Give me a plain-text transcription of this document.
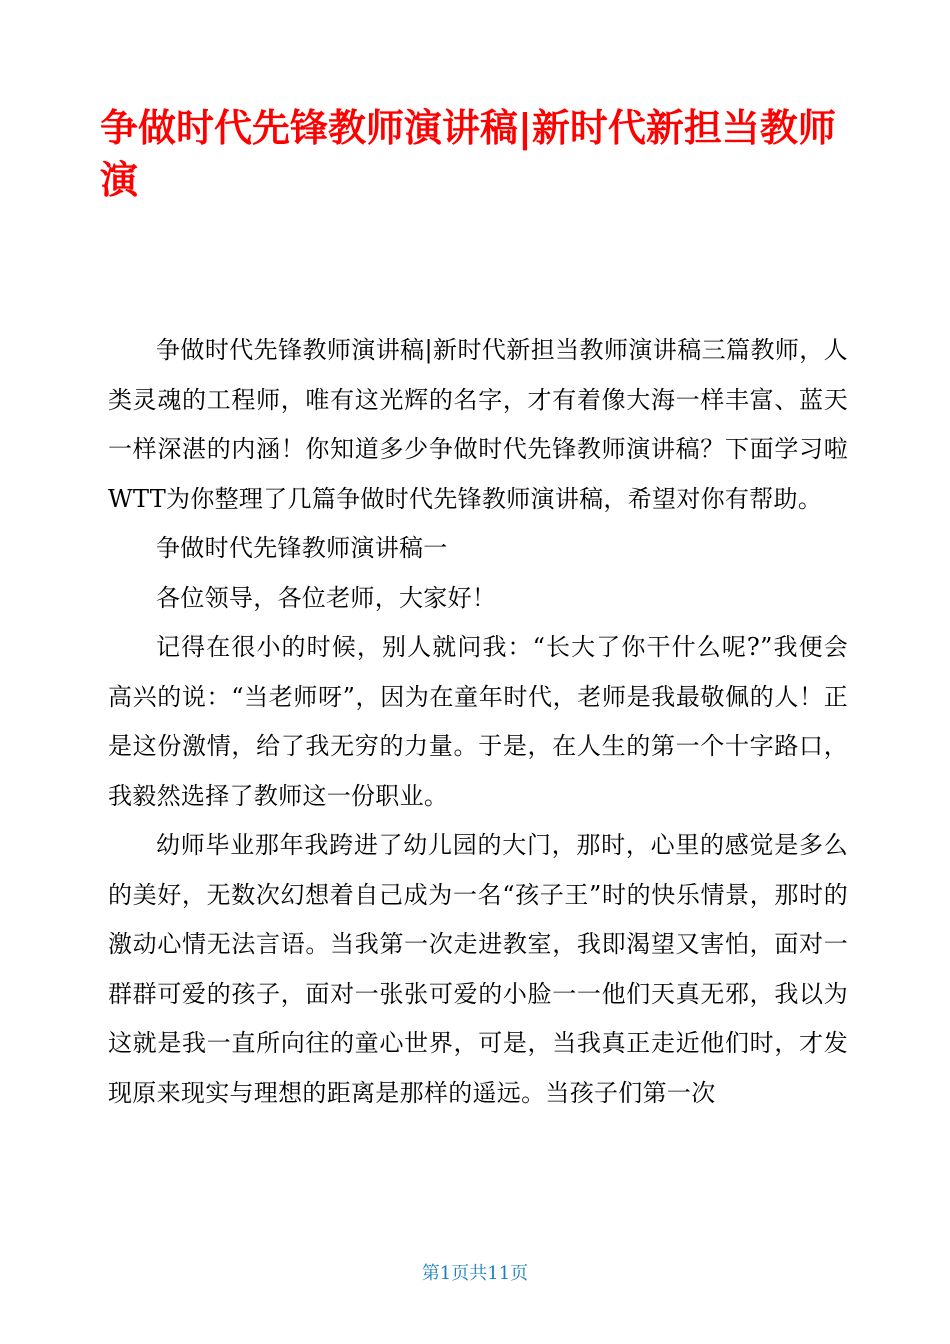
争做时代先锋教师演讲稿|新时代新担当教师演

争做时代先锋教师演讲稿|新时代新担当教师演讲稿三篇教师，人类灵魂的工程师，唯有这光辉的名字，才有着像大海一样丰富、蓝天一样深湛的内涵！你知道多少争做时代先锋教师演讲稿？下面学习啦WTT为你整理了几篇争做时代先锋教师演讲稿，希望对你有帮助。

争做时代先锋教师演讲稿一

各位领导，各位老师，大家好！

记得在很小的时候，别人就问我：“长大了你干什么呢?”我便会高兴的说：“当老师呀”，因为在童年时代，老师是我最敬佩的人！正是这份激情，给了我无穷的力量。于是，在人生的第一个十字路口，我毅然选择了教师这一份职业。

幼师毕业那年我跨进了幼儿园的大门，那时，心里的感觉是多么的美好，无数次幻想着自己成为一名“孩子王”时的快乐情景，那时的激动心情无法言语。当我第一次走进教室，我即渴望又害怕，面对一群群可爱的孩子，面对一张张可爱的小脸一一他们天真无邪，我以为这就是我一直所向往的童心世界，可是，当我真正走近他们时，才发现原来现实与理想的距离是那样的遥远。当孩子们第一次

第1页共11页
